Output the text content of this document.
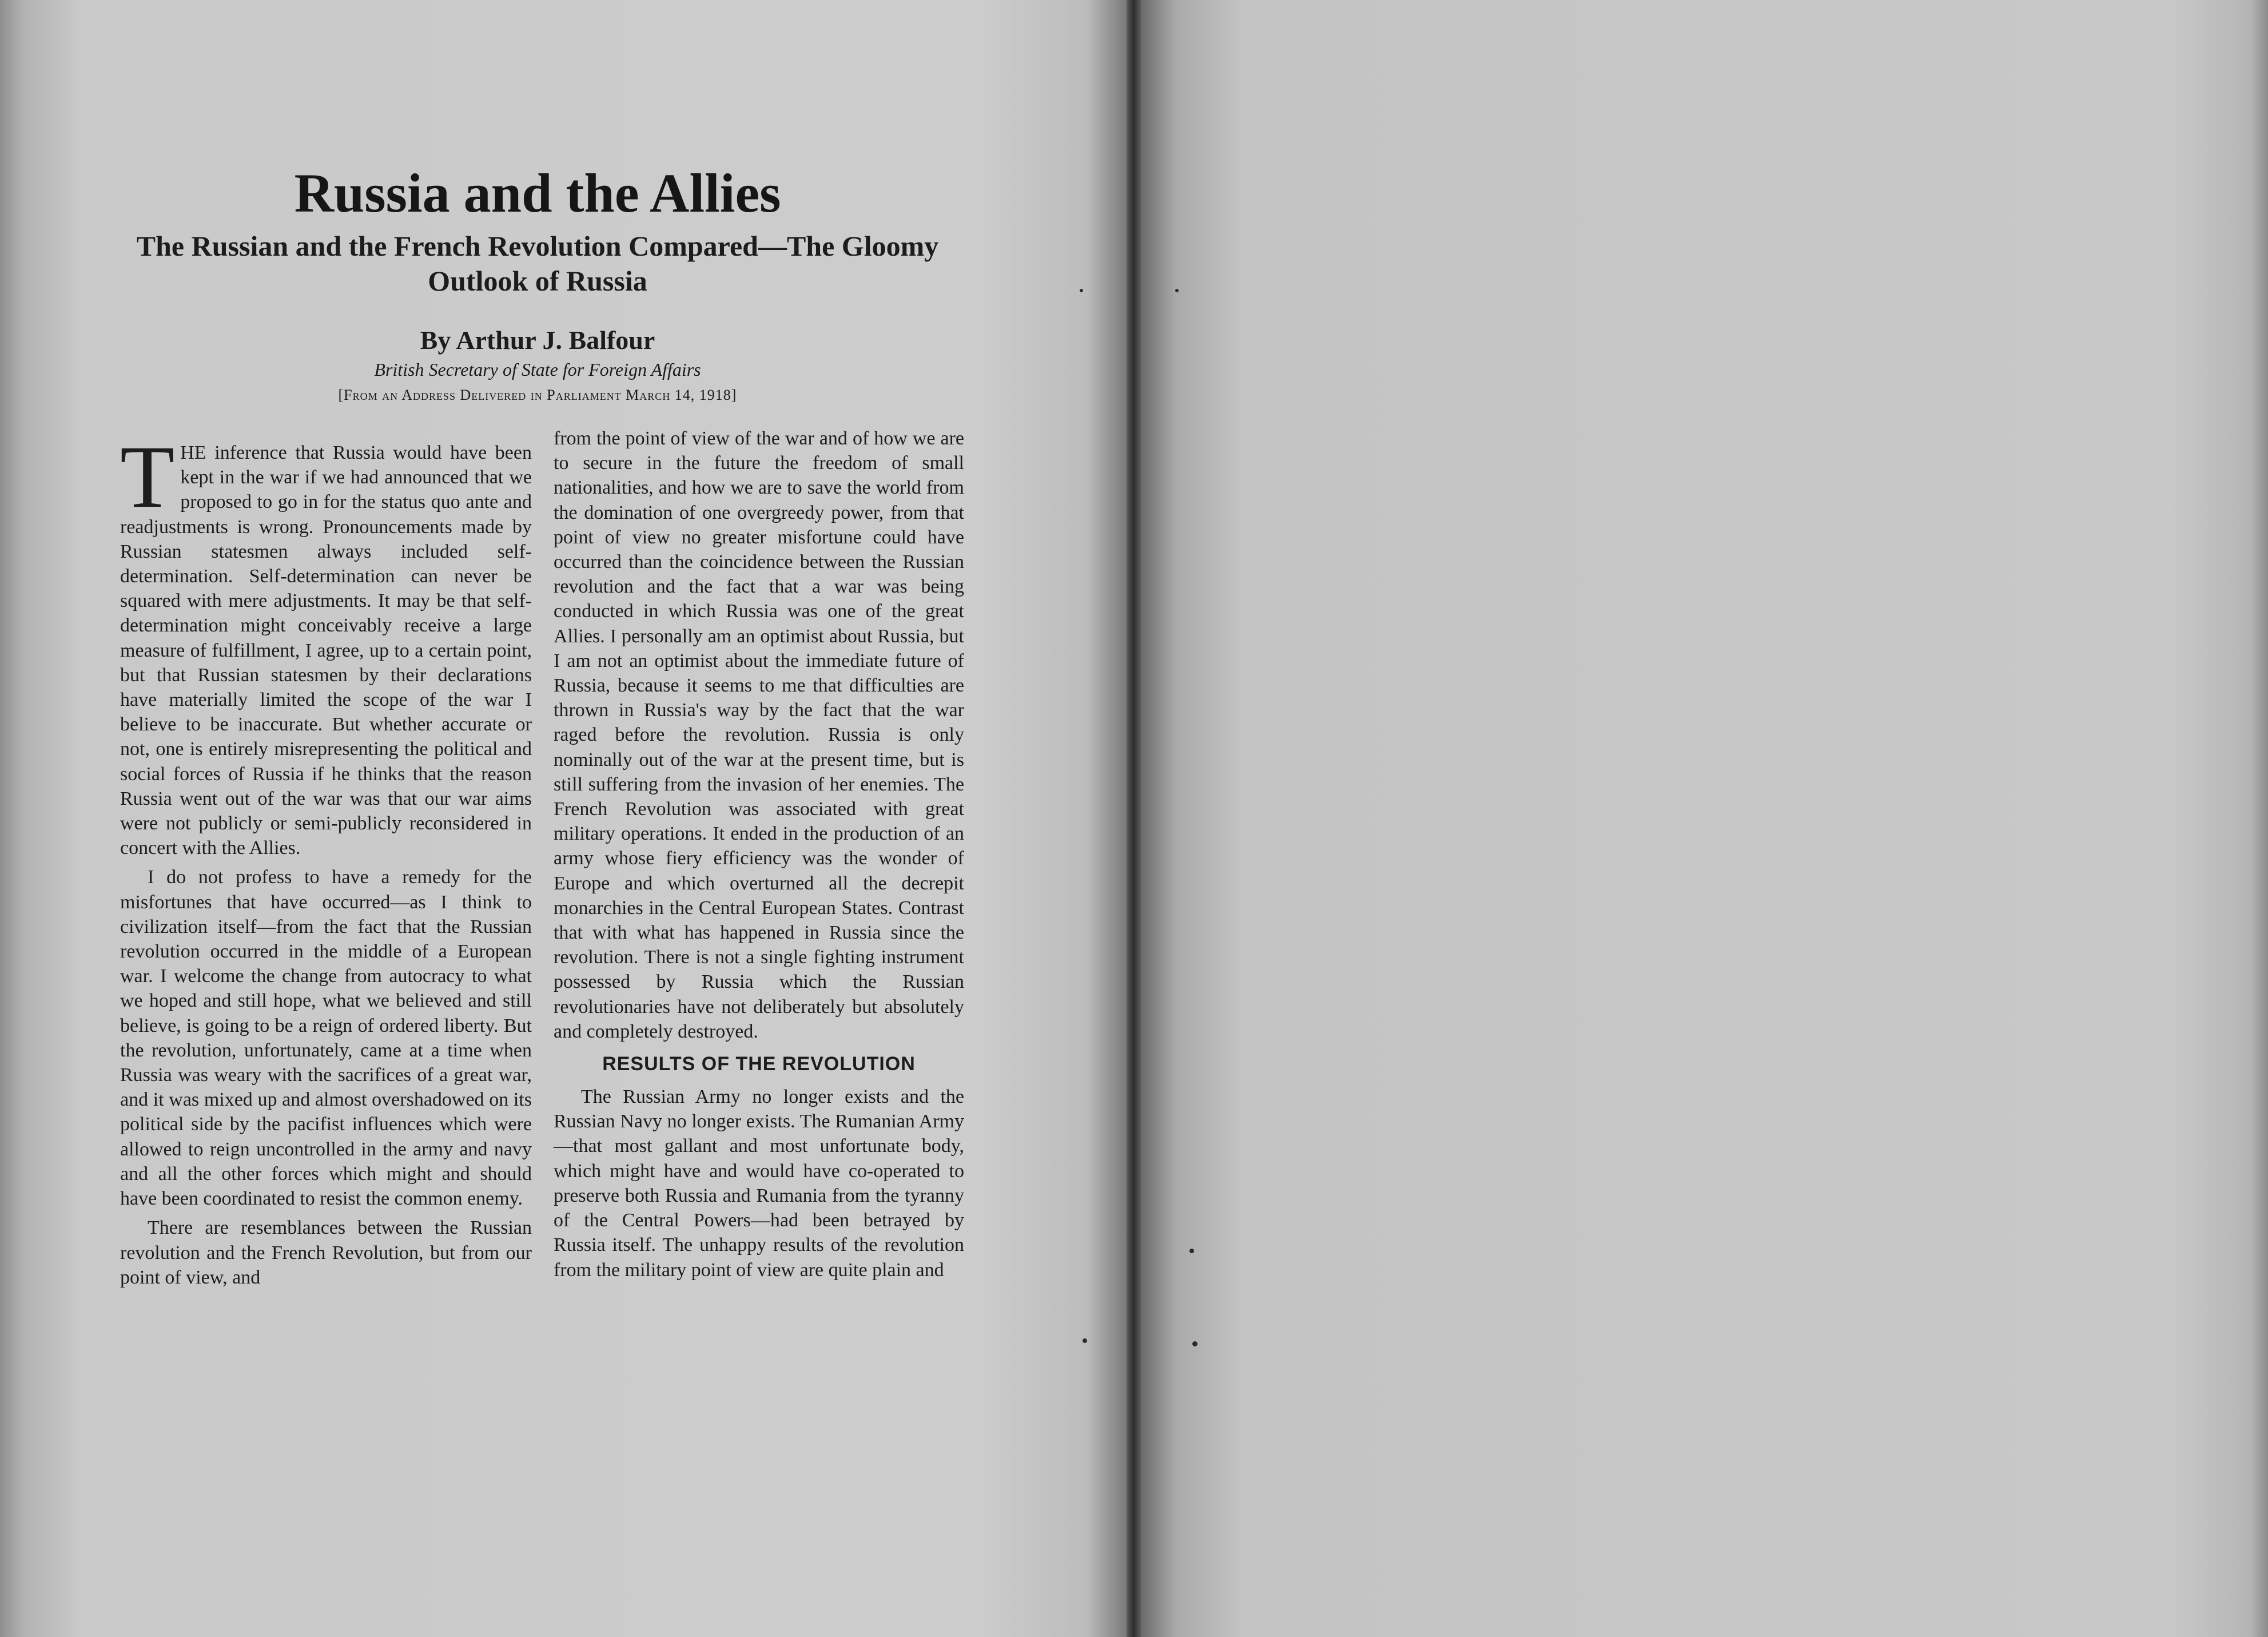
Russia and the Allies
The Russian and the French Revolution Compared—The Gloomy Outlook of Russia

By Arthur J. Balfour

British Secretary of State for Foreign Affairs

[From an Address Delivered in Parliament March 14, 1918]

THE inference that Russia would have been kept in the war if we had announced that we proposed to go in for the status quo ante and readjustments is wrong. Pronouncements made by Russian statesmen always included self-determination. Self-determination can never be squared with mere adjustments. It may be that self-determination might conceivably receive a large measure of fulfillment, I agree, up to a certain point, but that Russian statesmen by their declarations have materially limited the scope of the war I believe to be inaccurate. But whether accurate or not, one is entirely misrepresenting the political and social forces of Russia if he thinks that the reason Russia went out of the war was that our war aims were not publicly or semi-publicly reconsidered in concert with the Allies.

I do not profess to have a remedy for the misfortunes that have occurred—as I think to civilization itself—from the fact that the Russian revolution occurred in the middle of a European war. I welcome the change from autocracy to what we hoped and still hope, what we believed and still believe, is going to be a reign of ordered liberty. But the revolution, unfortunately, came at a time when Russia was weary with the sacrifices of a great war, and it was mixed up and almost overshadowed on its political side by the pacifist influences which were allowed to reign uncontrolled in the army and navy and all the other forces which might and should have been coordinated to resist the common enemy.

There are resemblances between the Russian revolution and the French Revolution, but from our point of view, and

from the point of view of the war and of how we are to secure in the future the freedom of small nationalities, and how we are to save the world from the domination of one overgreedy power, from that point of view no greater misfortune could have occurred than the coincidence between the Russian revolution and the fact that a war was being conducted in which Russia was one of the great Allies. I personally am an optimist about Russia, but I am not an optimist about the immediate future of Russia, because it seems to me that difficulties are thrown in Russia's way by the fact that the war raged before the revolution. Russia is only nominally out of the war at the present time, but is still suffering from the invasion of her enemies. The French Revolution was associated with great military operations. It ended in the production of an army whose fiery efficiency was the wonder of Europe and which overturned all the decrepit monarchies in the Central European States. Contrast that with what has happened in Russia since the revolution. There is not a single fighting instrument possessed by Russia which the Russian revolutionaries have not deliberately but absolutely and completely destroyed.

RESULTS OF THE REVOLUTION

The Russian Army no longer exists and the Russian Navy no longer exists. The Rumanian Army—that most gallant and most unfortunate body, which might have and would have co-operated to preserve both Russia and Rumania from the tyranny of the Central Powers—had been betrayed by Russia itself. The unhappy results of the revolution from the military point of view are quite plain and
